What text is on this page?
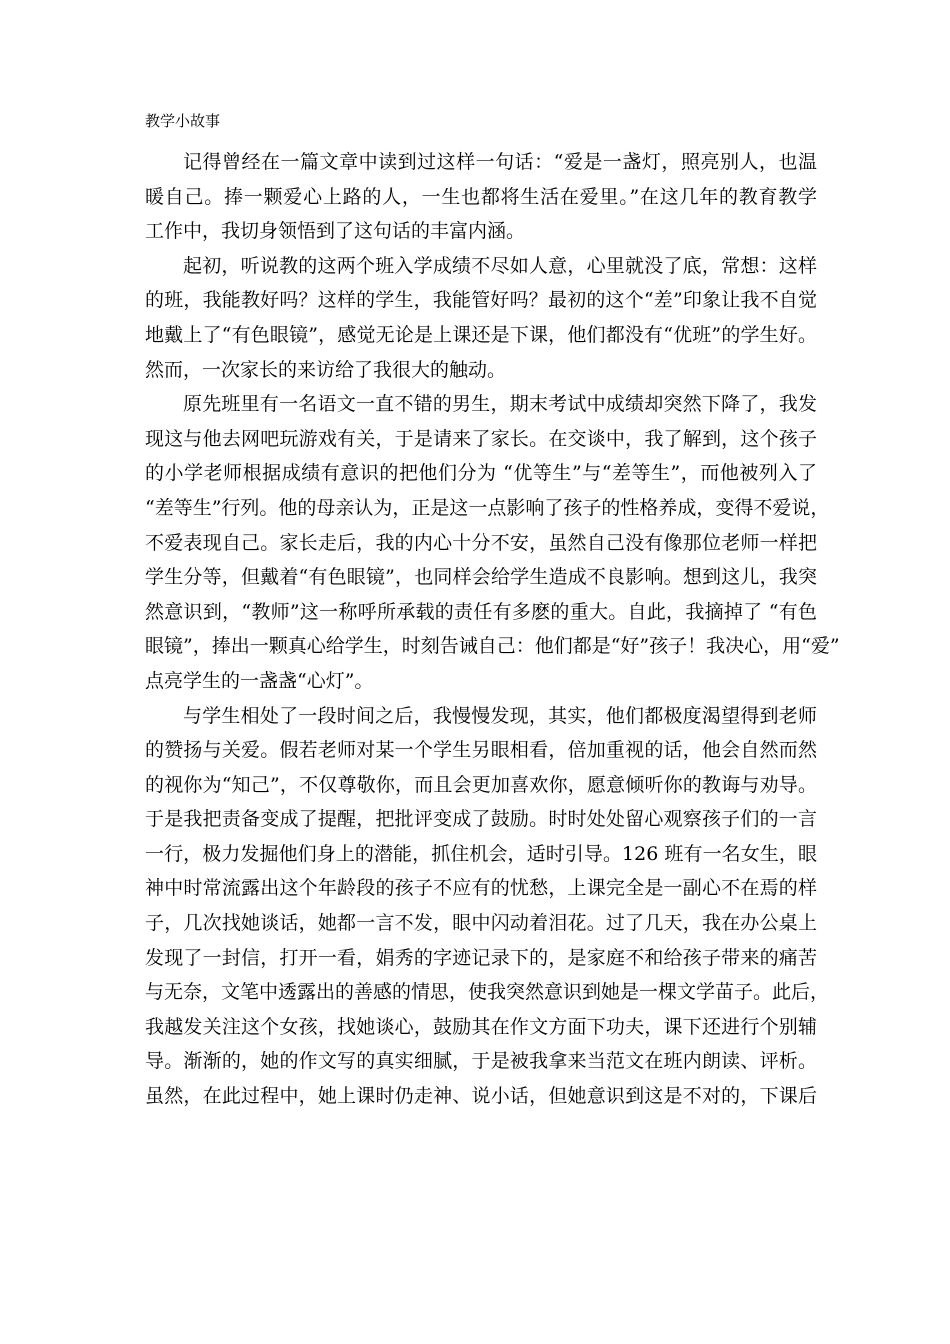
教学小故事
记得曾经在一篇文章中读到过这样一句话：“爱是一盏灯，照亮别人，也温
暖自己。捧一颗爱心上路的人，一生也都将生活在爱里。”在这几年的教育教学
工作中，我切身领悟到了这句话的丰富内涵。
起初，听说教的这两个班入学成绩不尽如人意，心里就没了底，常想：这样
的班，我能教好吗？这样的学生，我能管好吗？最初的这个“差”印象让我不自觉
地戴上了“有色眼镜”，感觉无论是上课还是下课，他们都没有“优班”的学生好。
然而，一次家长的来访给了我很大的触动。
原先班里有一名语文一直不错的男生，期末考试中成绩却突然下降了，我发
现这与他去网吧玩游戏有关，于是请来了家长。在交谈中，我了解到，这个孩子
的小学老师根据成绩有意识的把他们分为 “优等生”与“差等生”，而他被列入了
“差等生”行列。他的母亲认为，正是这一点影响了孩子的性格养成，变得不爱说，
不爱表现自己。家长走后，我的内心十分不安，虽然自己没有像那位老师一样把
学生分等，但戴着“有色眼镜”，也同样会给学生造成不良影响。想到这儿，我突
然意识到，“教师”这一称呼所承载的责任有多麽的重大。自此，我摘掉了 “有色
眼镜”，捧出一颗真心给学生，时刻告诫自己：他们都是“好”孩子！我决心，用“爱”
点亮学生的一盏盏“心灯”。
与学生相处了一段时间之后，我慢慢发现，其实，他们都极度渴望得到老师
的赞扬与关爱。假若老师对某一个学生另眼相看，倍加重视的话，他会自然而然
的视你为“知己”，不仅尊敬你，而且会更加喜欢你，愿意倾听你的教诲与劝导。
于是我把责备变成了提醒，把批评变成了鼓励。时时处处留心观察孩子们的一言
一行，极力发掘他们身上的潜能，抓住机会，适时引导。126 班有一名女生，眼
神中时常流露出这个年龄段的孩子不应有的忧愁，上课完全是一副心不在焉的样
子，几次找她谈话，她都一言不发，眼中闪动着泪花。过了几天，我在办公桌上
发现了一封信，打开一看，娟秀的字迹记录下的，是家庭不和给孩子带来的痛苦
与无奈，文笔中透露出的善感的情思，使我突然意识到她是一棵文学苗子。此后，
我越发关注这个女孩，找她谈心，鼓励其在作文方面下功夫，课下还进行个别辅
导。渐渐的，她的作文写的真实细腻，于是被我拿来当范文在班内朗读、评析。
虽然，在此过程中，她上课时仍走神、说小话，但她意识到这是不对的，下课后
